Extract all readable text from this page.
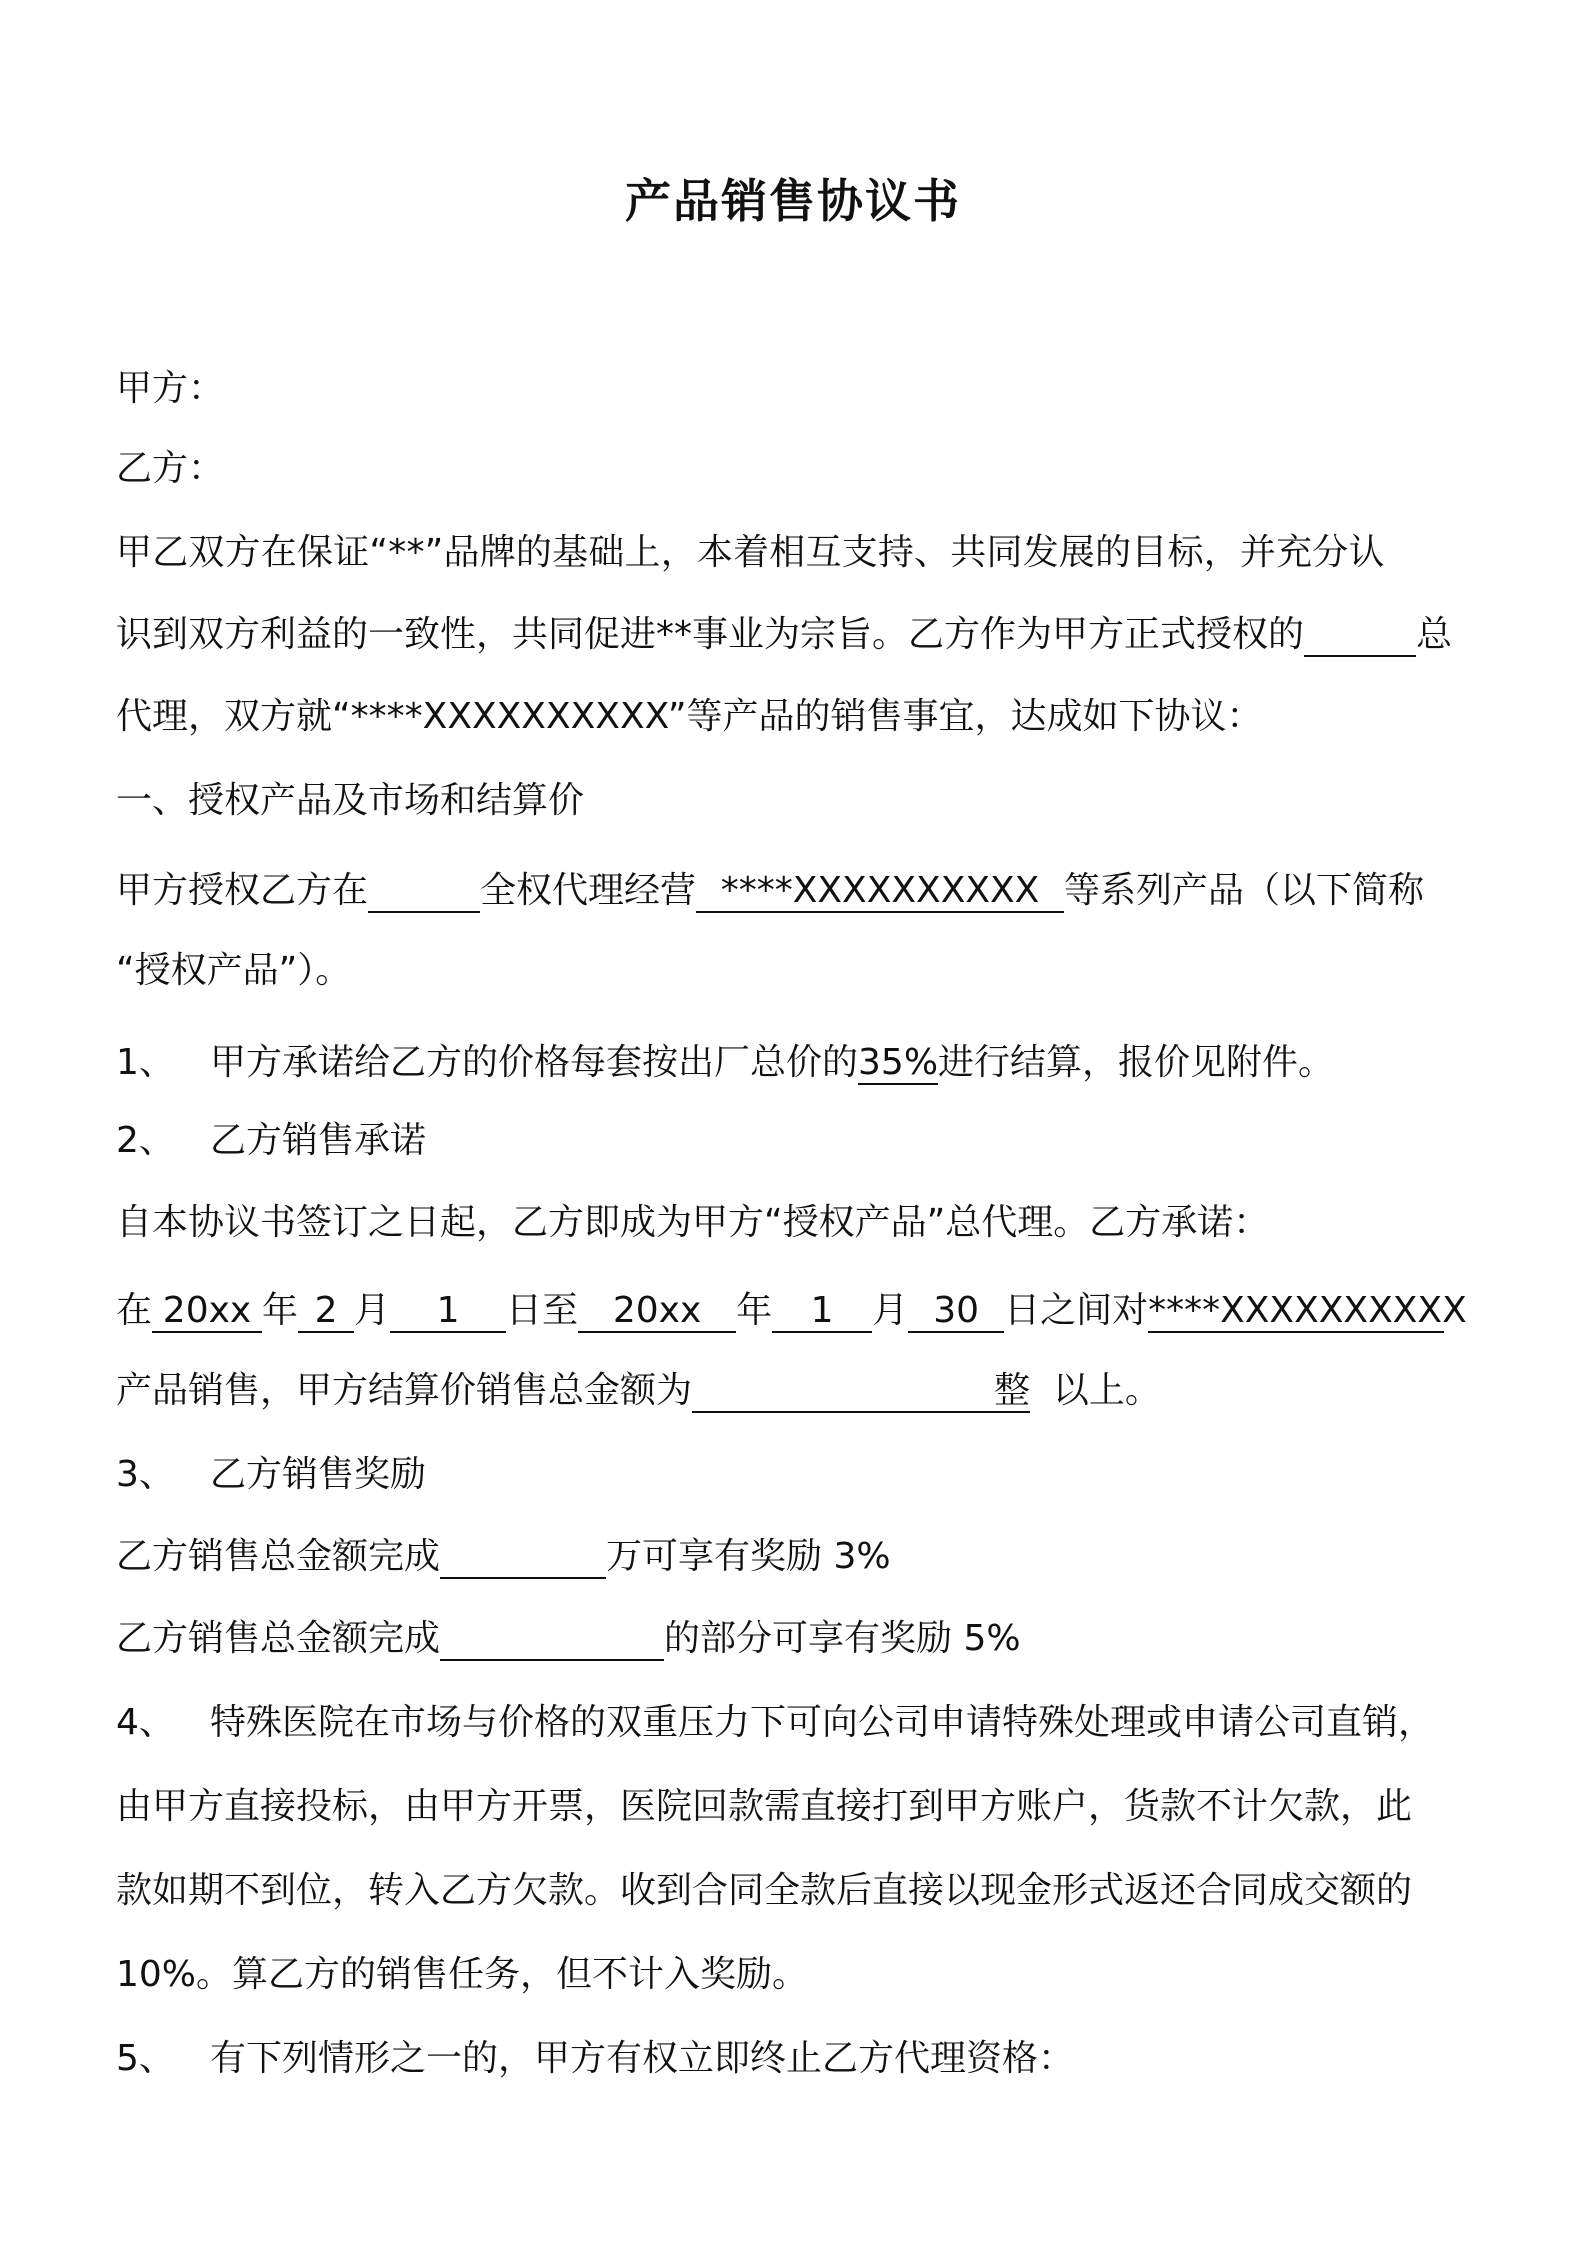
产品销售协议书
甲方：
乙方：
甲乙双方在保证“**”品牌的基础上，本着相互支持、共同发展的目标，并充分认
识到双方利益的一致性，共同促进**事业为宗旨。乙方作为甲方正式授权的	总
代理，双方就“****XXXXXXXXXX”等产品的销售事宜，达成如下协议：
一、授权产品及市场和结算价
甲方授权乙方在	全权代理经营 ****XXXXXXXXXX 等系列产品（以下简称
“授权产品”）。
1、 甲方承诺给乙方的价格每套按出厂总价的35%进行结算，报价见附件。
2、 乙方销售承诺
自本协议书签订之日起，乙方即成为甲方“授权产品”总代理。乙方承诺：
在 20xx 年 2 月 1 日至 20xx 年 1 月 30 日之间对****XXXXXXXXXX
产品销售，甲方结算价销售总金额为	整 以上。
3、 乙方销售奖励
乙方销售总金额完成	万可享有奖励 3%
乙方销售总金额完成	的部分可享有奖励 5%
4、 特殊医院在市场与价格的双重压力下可向公司申请特殊处理或申请公司直销，
由甲方直接投标，由甲方开票，医院回款需直接打到甲方账户，货款不计欠款，此
款如期不到位，转入乙方欠款。收到合同全款后直接以现金形式返还合同成交额的
10%。算乙方的销售任务，但不计入奖励。
5、 有下列情形之一的，甲方有权立即终止乙方代理资格：
